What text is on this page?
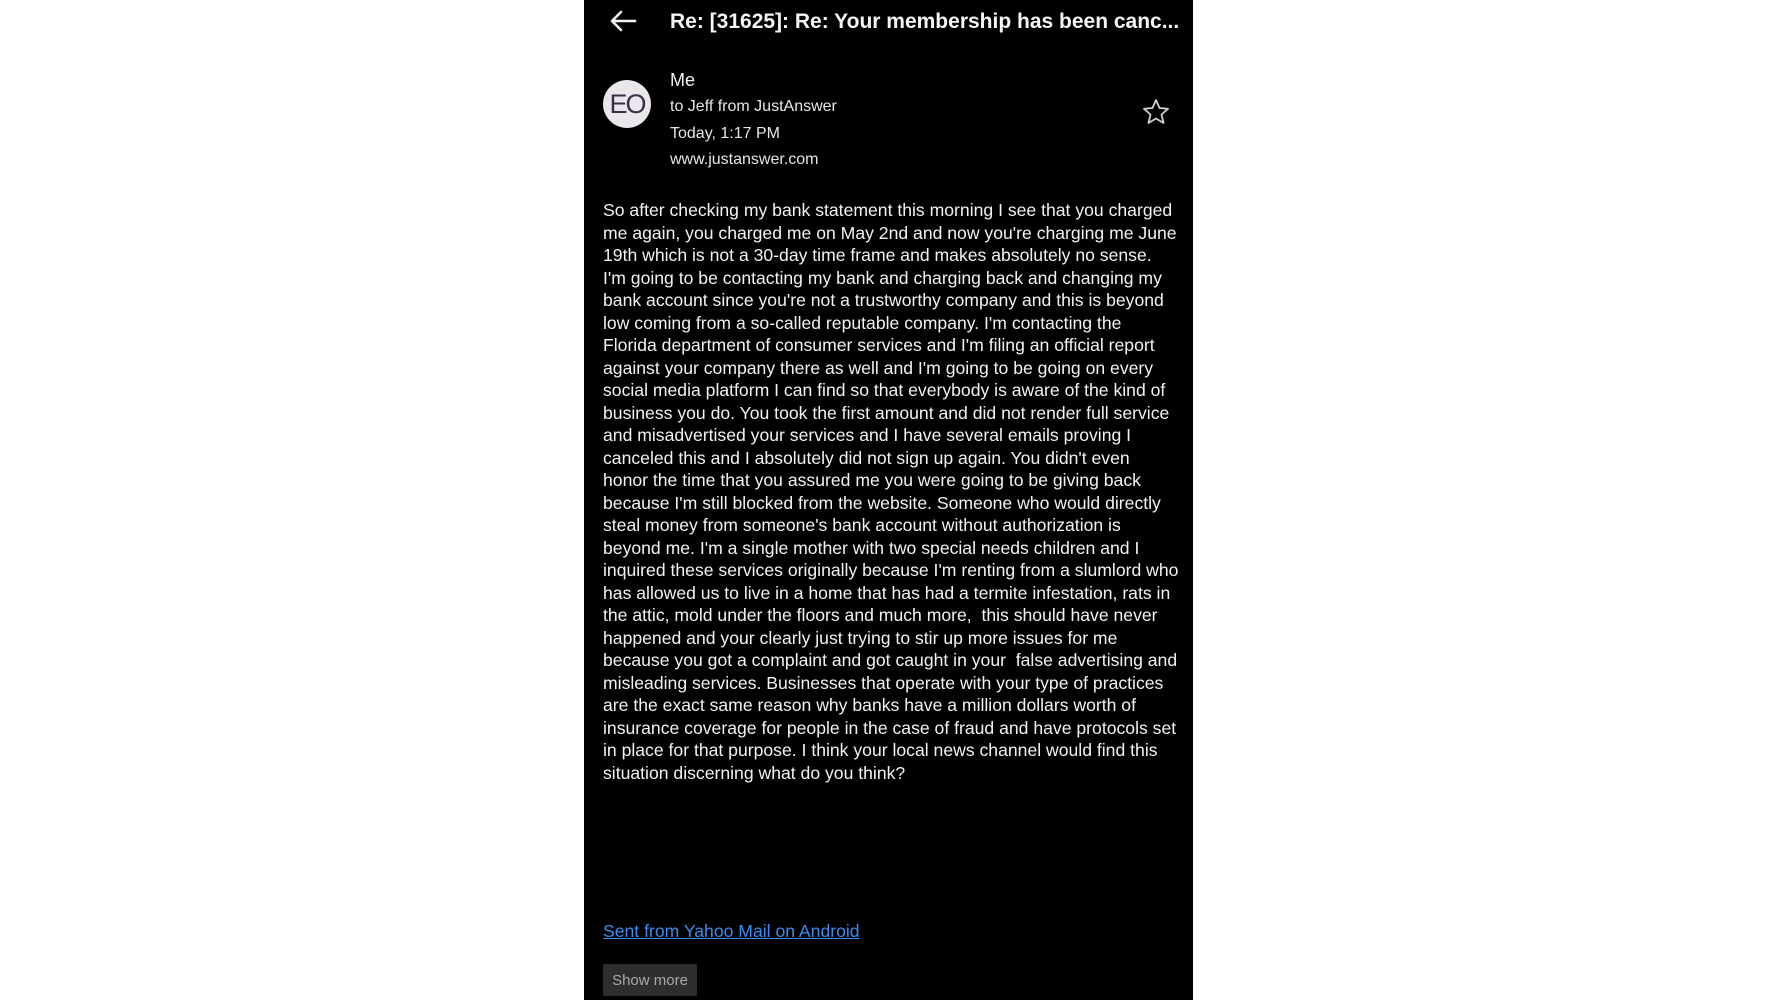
Re: [31625]: Re: Your membership has been canc...
EO
Me
to Jeff from JustAnswer
Today, 1:17 PM
www.justanswer.com
So after checking my bank statement this morning I see that you charged me again, you charged me on May 2nd and now you're charging me June 19th which is not a 30-day time frame and makes absolutely no sense. I'm going to be contacting my bank and charging back and changing my bank account since you're not a trustworthy company and this is beyond low coming from a so-called reputable company. I'm contacting the Florida department of consumer services and I'm filing an official report against your company there as well and I'm going to be going on every social media platform I can find so that everybody is aware of the kind of business you do. You took the first amount and did not render full service and misadvertised your services and I have several emails proving I canceled this and I absolutely did not sign up again. You didn't even honor the time that you assured me you were going to be giving back because I'm still blocked from the website. Someone who would directly steal money from someone's bank account without authorization is beyond me. I'm a single mother with two special needs children and I inquired these services originally because I'm renting from a slumlord who has allowed us to live in a home that has had a termite infestation, rats in the attic, mold under the floors and much more,  this should have never happened and your clearly just trying to stir up more issues for me because you got a complaint and got caught in your  false advertising and misleading services. Businesses that operate with your type of practices are the exact same reason why banks have a million dollars worth of insurance coverage for people in the case of fraud and have protocols set in place for that purpose. I think your local news channel would find this situation discerning what do you think?
Sent from Yahoo Mail on Android
Show more
